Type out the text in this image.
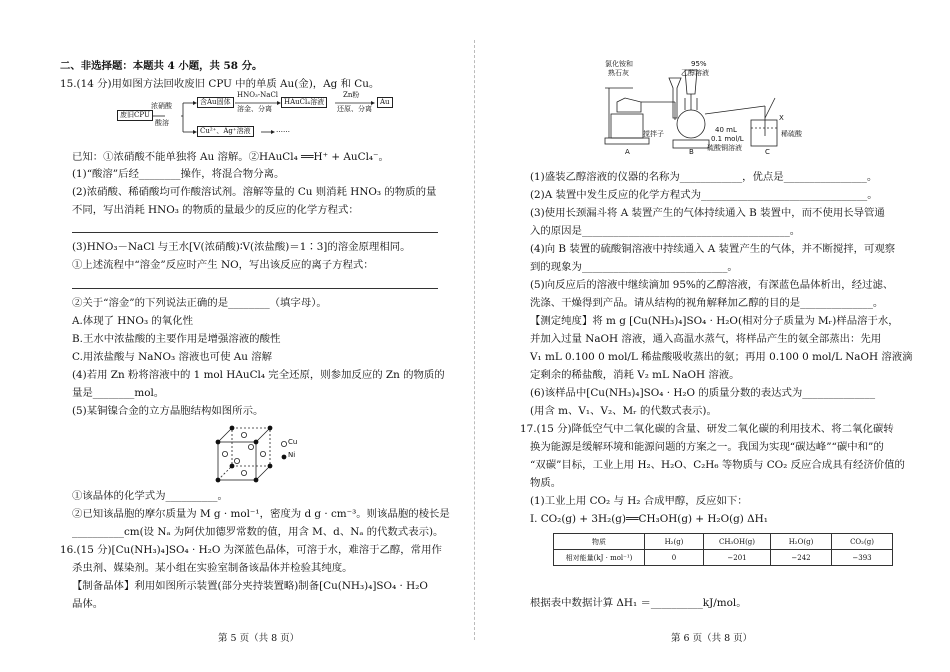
二、非选择题：本题共 4 小题，共 58 分。
15.(14 分)用如图方法回收废旧 CPU 中的单质 Au(金)，Ag 和 Cu。
废旧CPU
浓硝酸
酸溶
含Au固体
HNO₃-NaCl
溶金、分离
HAuCl₄溶液
Zn粉
还原、分离
Au
Cu²⁺、Ag⁺溶液	……
已知：①浓硝酸不能单独将 Au 溶解。②HAuCl₄ ══H⁺ + AuCl₄⁻。
(1)“酸溶”后经________操作，将混合物分离。
(2)浓硝酸、稀硝酸均可作酸溶试剂。溶解等量的 Cu 则消耗 HNO₃ 的物质的量
不同，写出消耗 HNO₃ 的物质的量最少的反应的化学方程式：
(3)HNO₃－NaCl 与王水[V(浓硝酸)∶V(浓盐酸)＝1∶3]的溶金原理相同。
①上述流程中“溶金”反应时产生 NO，写出该反应的离子方程式：
②关于“溶金”的下列说法正确的是________（填字母）。
A.体现了 HNO₃ 的氧化性
B.王水中浓盐酸的主要作用是增强溶液的酸性
C.用浓盐酸与 NaNO₃ 溶液也可使 Au 溶解
(4)若用 Zn 粉将溶液中的 1 mol HAuCl₄ 完全还原，则参加反应的 Zn 的物质的
量是________mol。
(5)某铜镍合金的立方晶胞结构如图所示。
Cu
Ni
①该晶体的化学式为__________。
②已知该晶胞的摩尔质量为 M g · mol⁻¹，密度为 d g · cm⁻³。则该晶胞的棱长是
__________cm(设 Nₐ 为阿伏加德罗常数的值，用含 M、d、Nₐ 的代数式表示)。
16.(15 分)[Cu(NH₃)₄]SO₄ · H₂O 为深蓝色晶体，可溶于水，难溶于乙醇，常用作
杀虫剂、媒染剂。某小组在实验室制备该晶体并检验其纯度。
【制备晶体】利用如图所示装置(部分夹持装置略)制备[Cu(NH₃)₄]SO₄ · H₂O
晶体。
第 5 页（共 8 页）
氯化铵和
熟石灰
95%
乙醇溶液
搅拌子	40 mL
0.1 mol/L
硫酸铜溶液
X
稀硫酸
A	B	C
(1)盛装乙醇溶液的仪器的名称为____________，优点是________________。
(2)A 装置中发生反应的化学方程式为________________________________。
(3)使用长颈漏斗将 A 装置产生的气体持续通入 B 装置中，而不使用长导管通
入的原因是________________________________________。
(4)向 B 装置的硫酸铜溶液中持续通入 A 装置产生的气体，并不断搅拌，可观察
到的现象为____________________________。
(5)向反应后的溶液中继续滴加 95%的乙醇溶液，有深蓝色晶体析出，经过滤、
洗涤、干燥得到产品。请从结构的视角解释加乙醇的目的是______________。
【测定纯度】将 m g [Cu(NH₃)₄]SO₄ · H₂O(相对分子质量为 Mᵣ)样品溶于水，
并加入过量 NaOH 溶液，通入高温水蒸气，将样品产生的氨全部蒸出：先用
V₁ mL 0.100 0 mol/L 稀盐酸吸收蒸出的氨；再用 0.100 0 mol/L NaOH 溶液滴
定剩余的稀盐酸，消耗 V₂ mL NaOH 溶液。
(6)该样品中[Cu(NH₃)₄]SO₄ · H₂O 的质量分数的表达式为______________
(用含 m、V₁、V₂、Mᵣ 的代数式表示)。
17.(15 分)降低空气中二氧化碳的含量、研发二氧化碳的利用技术、将二氧化碳转
换为能源是缓解环境和能源问题的方案之一。我国为实现“碳达峰”“碳中和”的
“双碳”目标，工业上用 H₂、H₂O、C₂H₆ 等物质与 CO₂ 反应合成具有经济价值的
物质。
(1)工业上用 CO₂ 与 H₂ 合成甲醇，反应如下：
Ⅰ. CO₂(g) + 3H₂(g)══CH₃OH(g) + H₂O(g) ΔH₁
物质	H₂(g)	CH₃OH(g)	H₂O(g)	CO₂(g)
相对能量(kJ · mol⁻¹)	0	−201	−242	−393
根据表中数据计算 ΔH₁ ＝__________kJ/mol。
第 6 页（共 8 页）
